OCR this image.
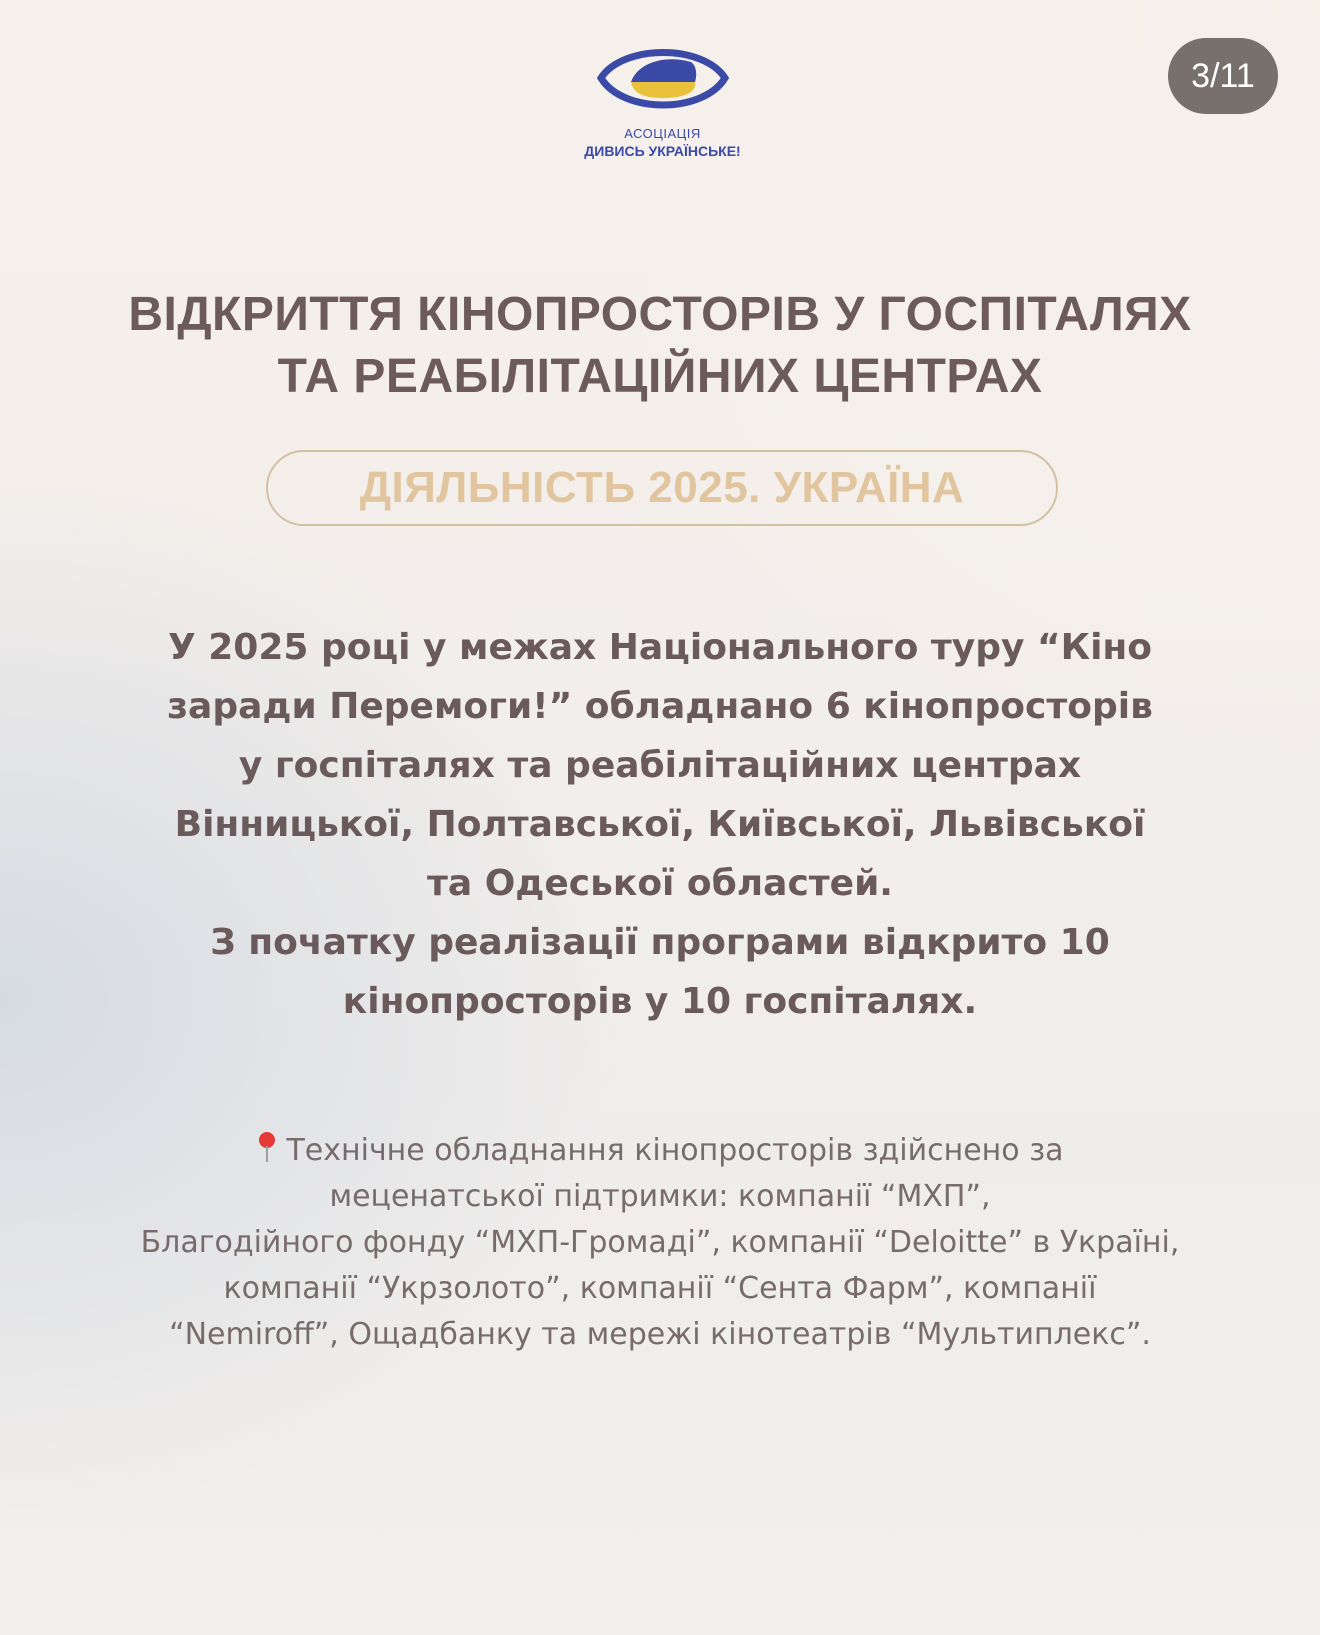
АСОЦІАЦІЯ
ДИВИСЬ УКРАЇНСЬКЕ!
3/11
ВІДКРИТТЯ КІНОПРОСТОРІВ У ГОСПІТАЛЯХ
ТА РЕАБІЛІТАЦІЙНИХ ЦЕНТРАХ
ДІЯЛЬНІСТЬ 2025. УКРАЇНА
У 2025 році у межах Національного туру “Кіно
заради Перемоги!” обладнано 6 кінопросторів
у госпіталях та реабілітаційних центрах
Вінницької, Полтавської, Київської, Львівської
та Одеської областей.
З початку реалізації програми відкрито 10
кінопросторів у 10 госпіталях.
Технічне обладнання кінопросторів здійснено за
меценатської підтримки: компанії “МХП”,
Благодійного фонду “МХП-Громаді”, компанії “Deloitte” в Україні,
компанії “Укрзолото”, компанії “Сента Фарм”, компанії
“Nemiroff”, Ощадбанку та мережі кінотеатрів “Мультиплекс”.
